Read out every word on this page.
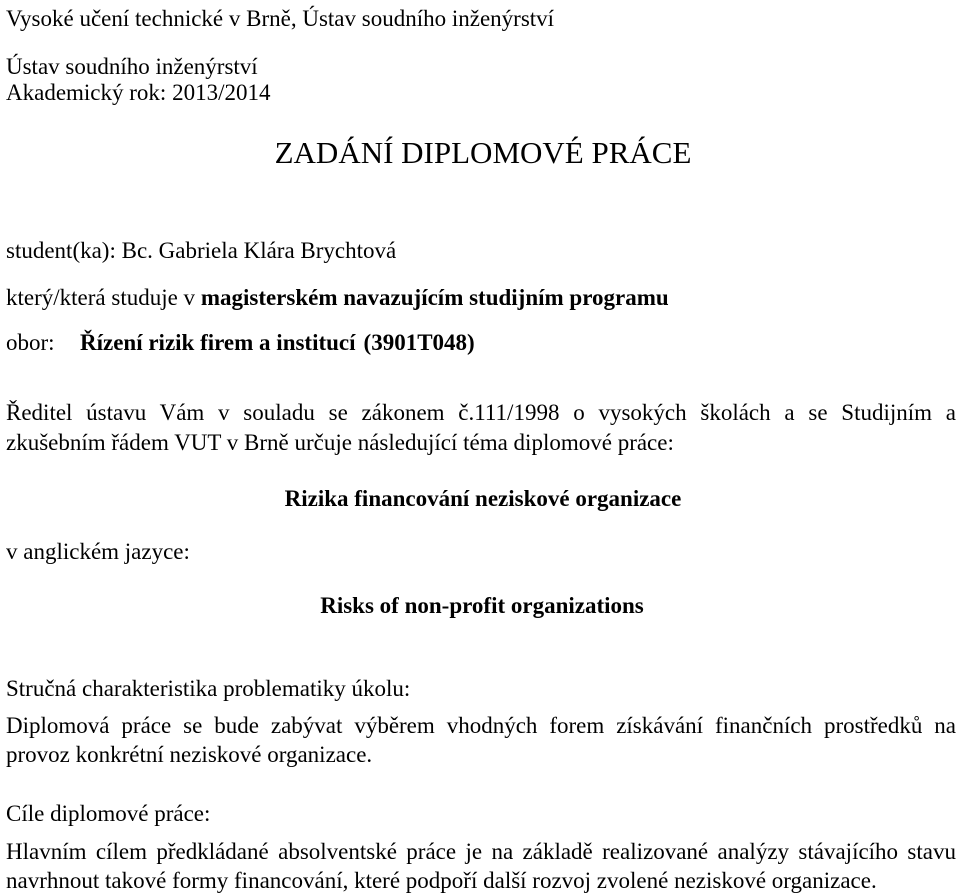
Vysoké učení technické v Brně, Ústav soudního inženýrství
Ústav soudního inženýrství
Akademický rok: 2013/2014
ZADÁNÍ DIPLOMOVÉ PRÁCE
student(ka): Bc. Gabriela Klára Brychtová
který/která studuje v magisterském navazujícím studijním programu
obor: Řízení rizik firem a institucí (3901T048)
Ředitel ústavu Vám v souladu se zákonem č.111/1998 o vysokých školách a se Studijním a
zkušebním řádem VUT v Brně určuje následující téma diplomové práce:
Rizika financování neziskové organizace
v anglickém jazyce:
Risks of non-profit organizations
Stručná charakteristika problematiky úkolu:
Diplomová práce se bude zabývat výběrem vhodných forem získávání finančních prostředků na
provoz konkrétní neziskové organizace.
Cíle diplomové práce:
Hlavním cílem předkládané absolventské práce je na základě realizované analýzy stávajícího stavu
navrhnout takové formy financování, které podpoří další rozvoj zvolené neziskové organizace.
